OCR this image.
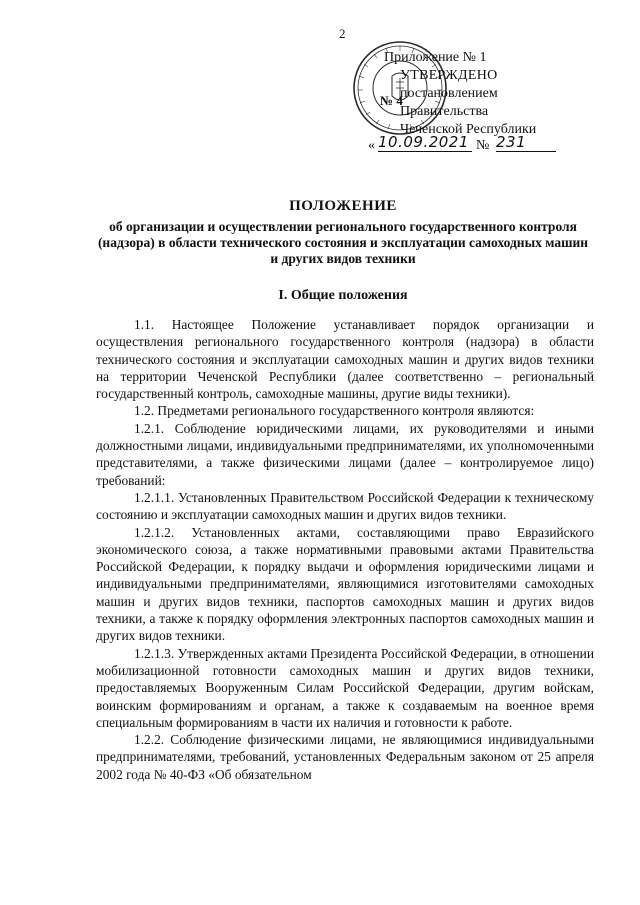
2
Приложение № 1
УТВЕРЖДЕНО
№ 4
постановлением
Правительства
Чеченской Республики
« 10.09.2021 № 231
ПОЛОЖЕНИЕ
об организации и осуществлении регионального государственного контроля (надзора) в области технического состояния и эксплуатации самоходных машин и других видов техники
I. Общие положения

1.1. Настоящее Положение устанавливает порядок организации и осуществления регионального государственного контроля (надзора) в области технического состояния и эксплуатации самоходных машин и других видов техники на территории Чеченской Республики (далее соответственно – региональный государственный контроль, самоходные машины, другие виды техники).

1.2. Предметами регионального государственного контроля являются:

1.2.1. Соблюдение юридическими лицами, их руководителями и иными должностными лицами, индивидуальными предпринимателями, их уполномоченными представителями, а также физическими лицами (далее – контролируемое лицо) требований:

1.2.1.1. Установленных Правительством Российской Федерации к техническому состоянию и эксплуатации самоходных машин и других видов техники.

1.2.1.2. Установленных актами, составляющими право Евразийского экономического союза, а также нормативными правовыми актами Правительства Российской Федерации, к порядку выдачи и оформления юридическими лицами и индивидуальными предпринимателями, являющимися изготовителями самоходных машин и других видов техники, паспортов самоходных машин и других видов техники, а также к порядку оформления электронных паспортов самоходных машин и других видов техники.

1.2.1.3. Утвержденных актами Президента Российской Федерации, в отношении мобилизационной готовности самоходных машин и других видов техники, предоставляемых Вооруженным Силам Российской Федерации, другим войскам, воинским формированиям и органам, а также к создаваемым на военное время специальным формированиям в части их наличия и готовности к работе.

1.2.2. Соблюдение физическими лицами, не являющимися индивидуальными предпринимателями, требований, установленных Федеральным законом от 25 апреля 2002 года № 40-ФЗ «Об обязательном
